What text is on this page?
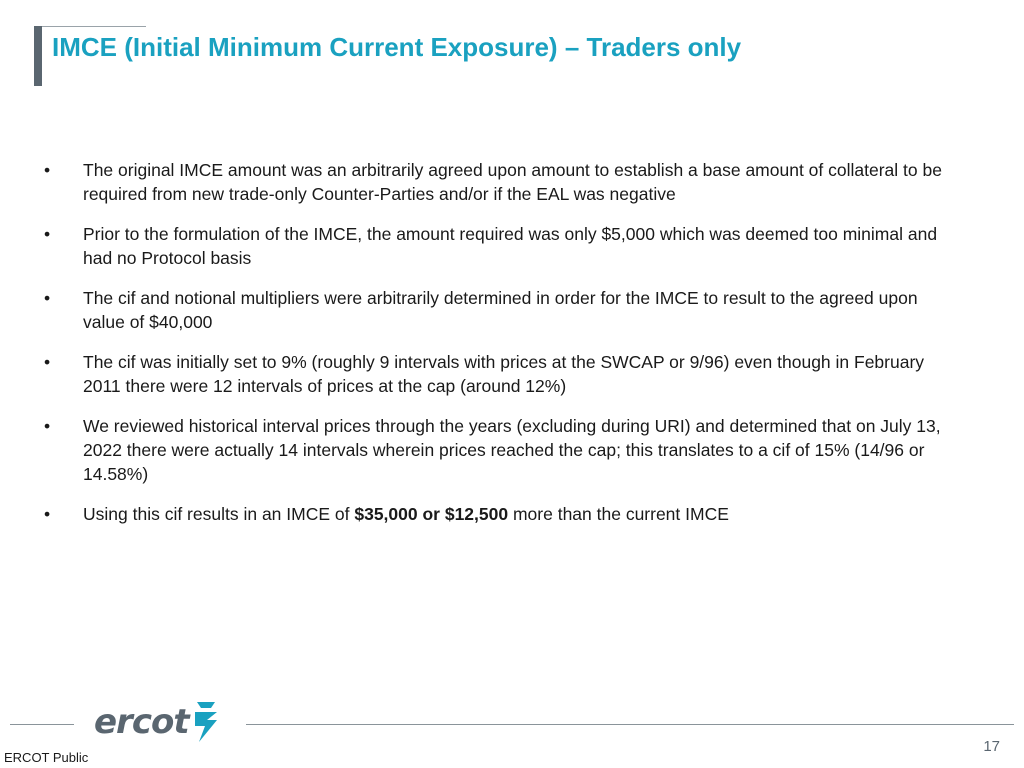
IMCE (Initial Minimum Current Exposure) – Traders only
• The original IMCE amount was an arbitrarily agreed upon amount to establish a base amount of collateral to be required from new trade-only Counter-Parties and/or if the EAL was negative
• Prior to the formulation of the IMCE, the amount required was only $5,000 which was deemed too minimal and had no Protocol basis
• The cif and notional multipliers were arbitrarily determined in order for the IMCE to result to the agreed upon value of $40,000
• The cif was initially set to 9% (roughly 9 intervals with prices at the SWCAP or 9/96) even though in February 2011 there were 12 intervals of prices at the cap (around 12%)
• We reviewed historical interval prices through the years (excluding during URI) and determined that on July 13, 2022 there were actually 14 intervals wherein prices reached the cap; this translates to a cif of 15% (14/96 or 14.58%)
• Using this cif results in an IMCE of $35,000 or $12,500 more than the current IMCE
ercot
17
ERCOT Public
